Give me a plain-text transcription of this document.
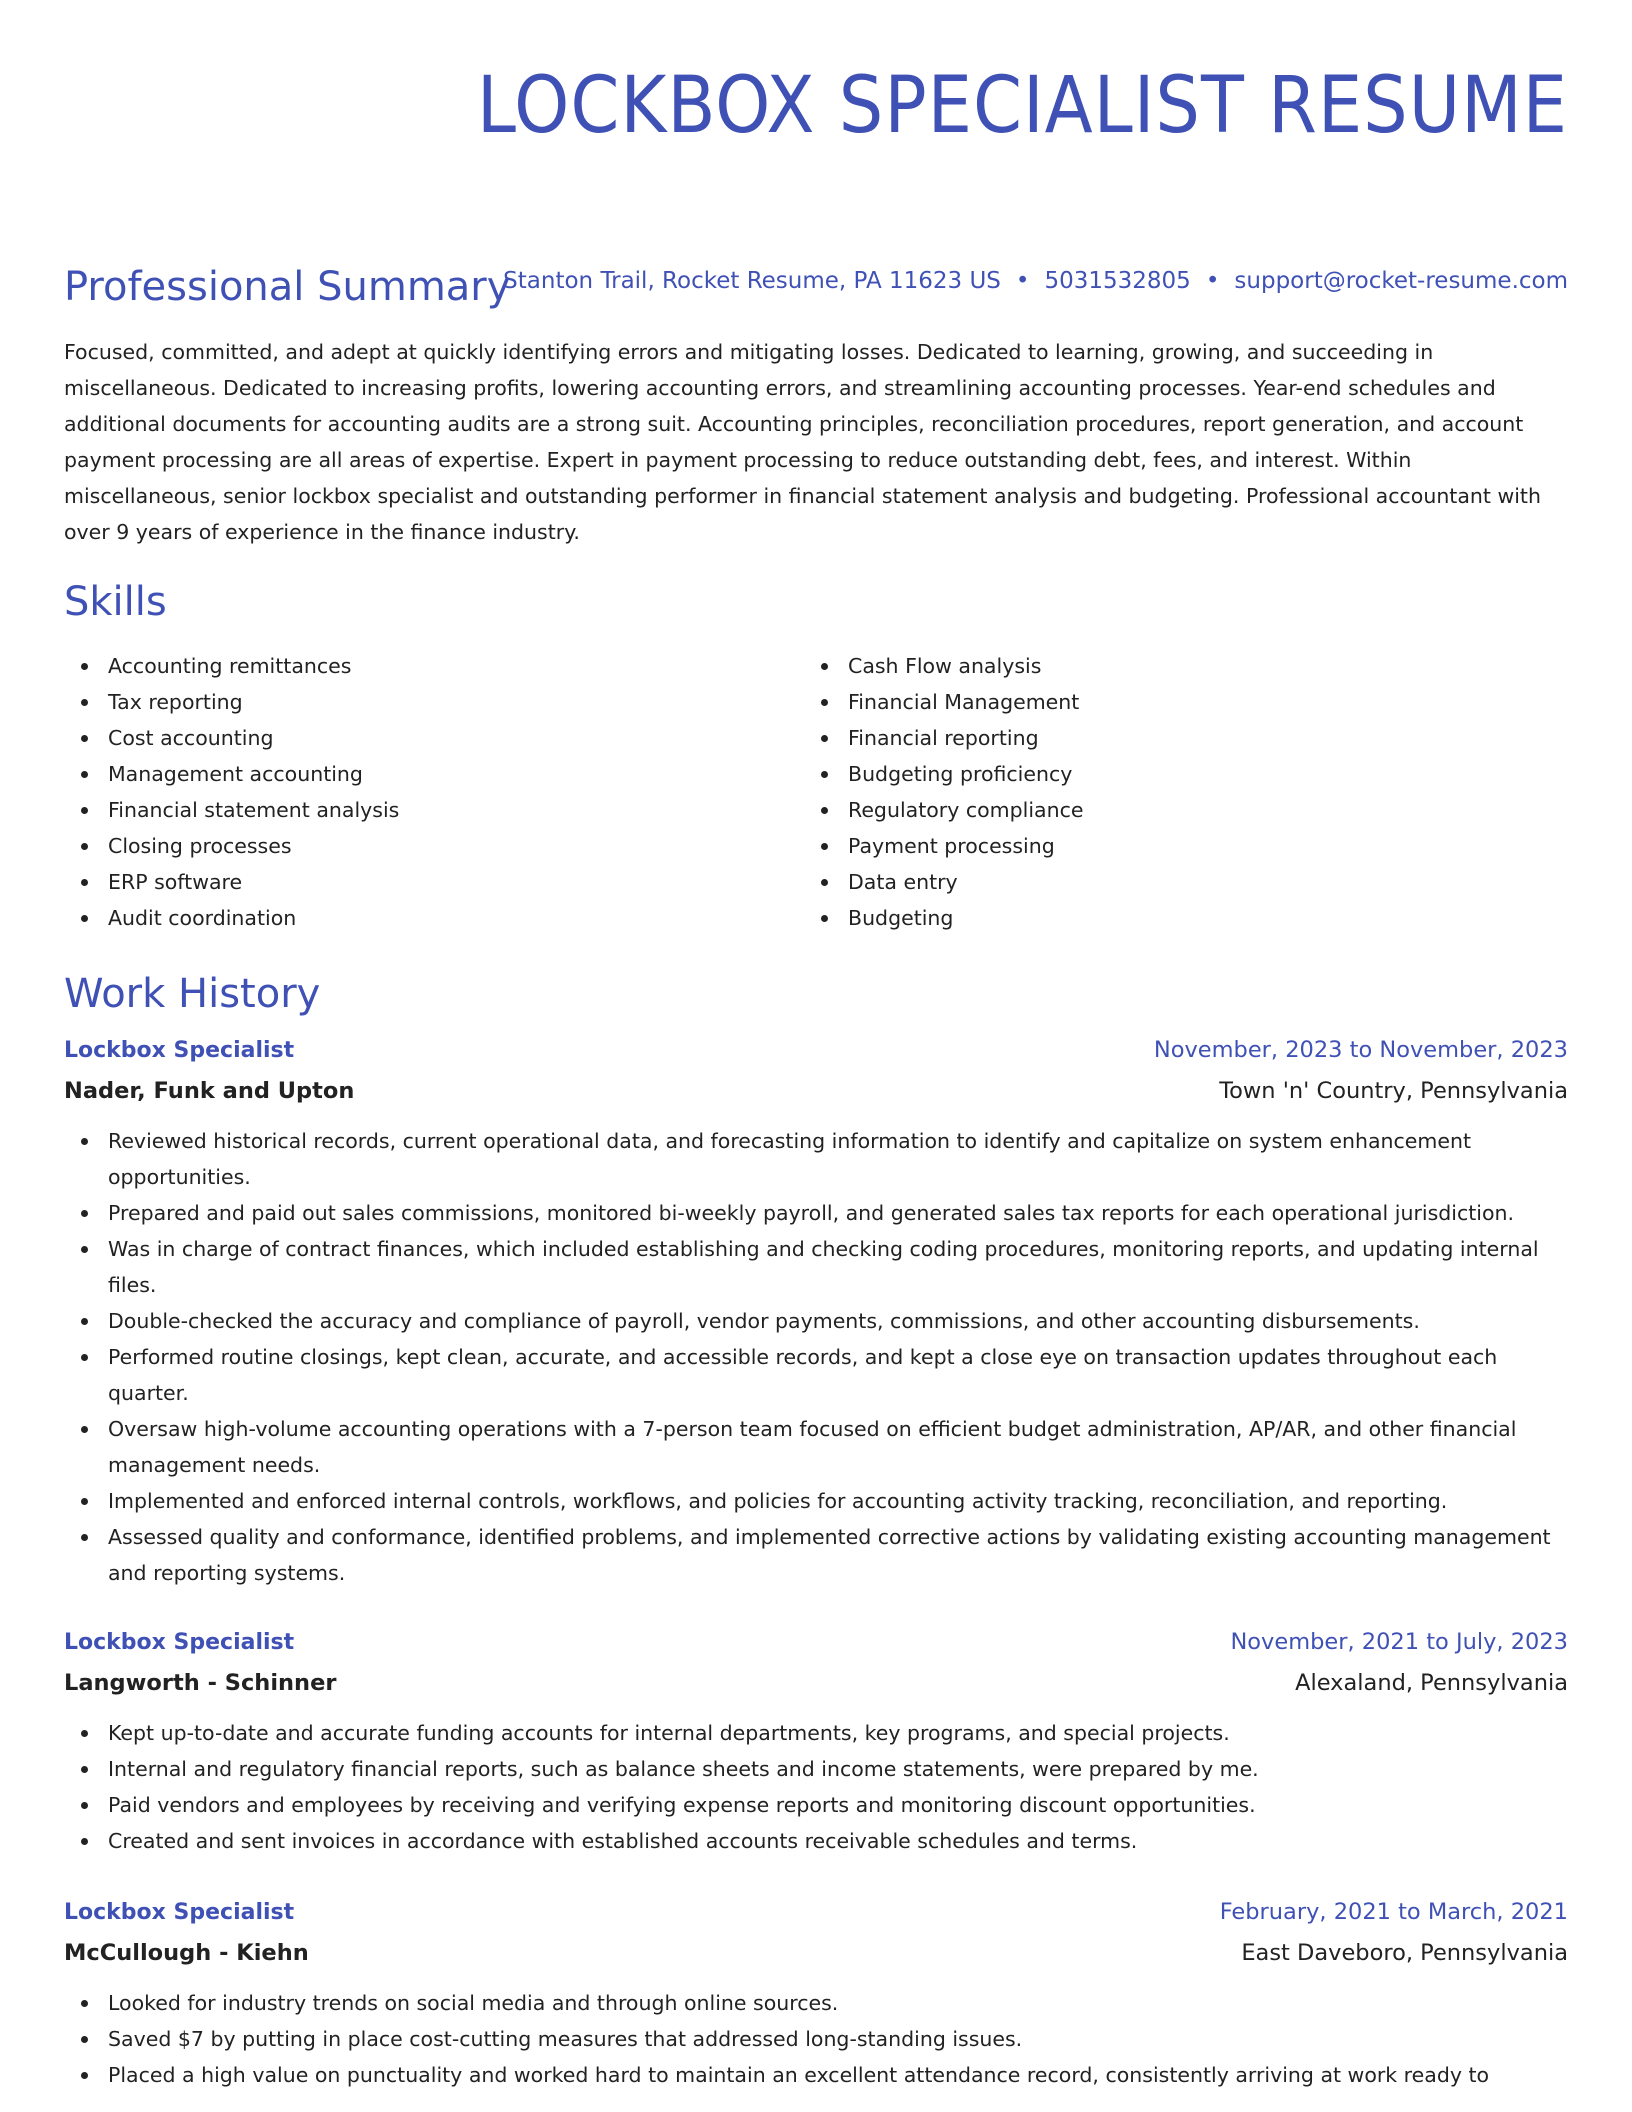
LOCKBOX SPECIALIST RESUME
Stanton Trail, Rocket Resume, PA 11623 US • 5031532805 • support@rocket-resume.com
Professional Summary

Focused, committed, and adept at quickly identifying errors and mitigating losses. Dedicated to learning, growing, and succeeding in miscellaneous. Dedicated to increasing profits, lowering accounting errors, and streamlining accounting processes. Year-end schedules and additional documents for accounting audits are a strong suit. Accounting principles, reconciliation procedures, report generation, and account payment processing are all areas of expertise. Expert in payment processing to reduce outstanding debt, fees, and interest. Within miscellaneous, senior lockbox specialist and outstanding performer in financial statement analysis and budgeting. Professional accountant with over 9 years of experience in the finance industry.

Skills
Accounting remittances
Tax reporting
Cost accounting
Management accounting
Financial statement analysis
Closing processes
ERP software
Audit coordination
Cash Flow analysis
Financial Management
Financial reporting
Budgeting proficiency
Regulatory compliance
Payment processing
Data entry
Budgeting
Work History
Lockbox Specialist	November, 2023 to November, 2023
Nader, Funk and Upton	Town 'n' Country, Pennsylvania
Reviewed historical records, current operational data, and forecasting information to identify and capitalize on system enhancement opportunities.
Prepared and paid out sales commissions, monitored bi-weekly payroll, and generated sales tax reports for each operational jurisdiction.
Was in charge of contract finances, which included establishing and checking coding procedures, monitoring reports, and updating internal files.
Double-checked the accuracy and compliance of payroll, vendor payments, commissions, and other accounting disbursements.
Performed routine closings, kept clean, accurate, and accessible records, and kept a close eye on transaction updates throughout each quarter.
Oversaw high-volume accounting operations with a 7-person team focused on efficient budget administration, AP/AR, and other financial management needs.
Implemented and enforced internal controls, workflows, and policies for accounting activity tracking, reconciliation, and reporting.
Assessed quality and conformance, identified problems, and implemented corrective actions by validating existing accounting management and reporting systems.
Lockbox Specialist	November, 2021 to July, 2023
Langworth - Schinner	Alexaland, Pennsylvania
Kept up-to-date and accurate funding accounts for internal departments, key programs, and special projects.
Internal and regulatory financial reports, such as balance sheets and income statements, were prepared by me.
Paid vendors and employees by receiving and verifying expense reports and monitoring discount opportunities.
Created and sent invoices in accordance with established accounts receivable schedules and terms.
Lockbox Specialist	February, 2021 to March, 2021
McCullough - Kiehn	East Daveboro, Pennsylvania
Looked for industry trends on social media and through online sources.
Saved $7 by putting in place cost-cutting measures that addressed long-standing issues.
Placed a high value on punctuality and worked hard to maintain an excellent attendance record, consistently arriving at work ready to
